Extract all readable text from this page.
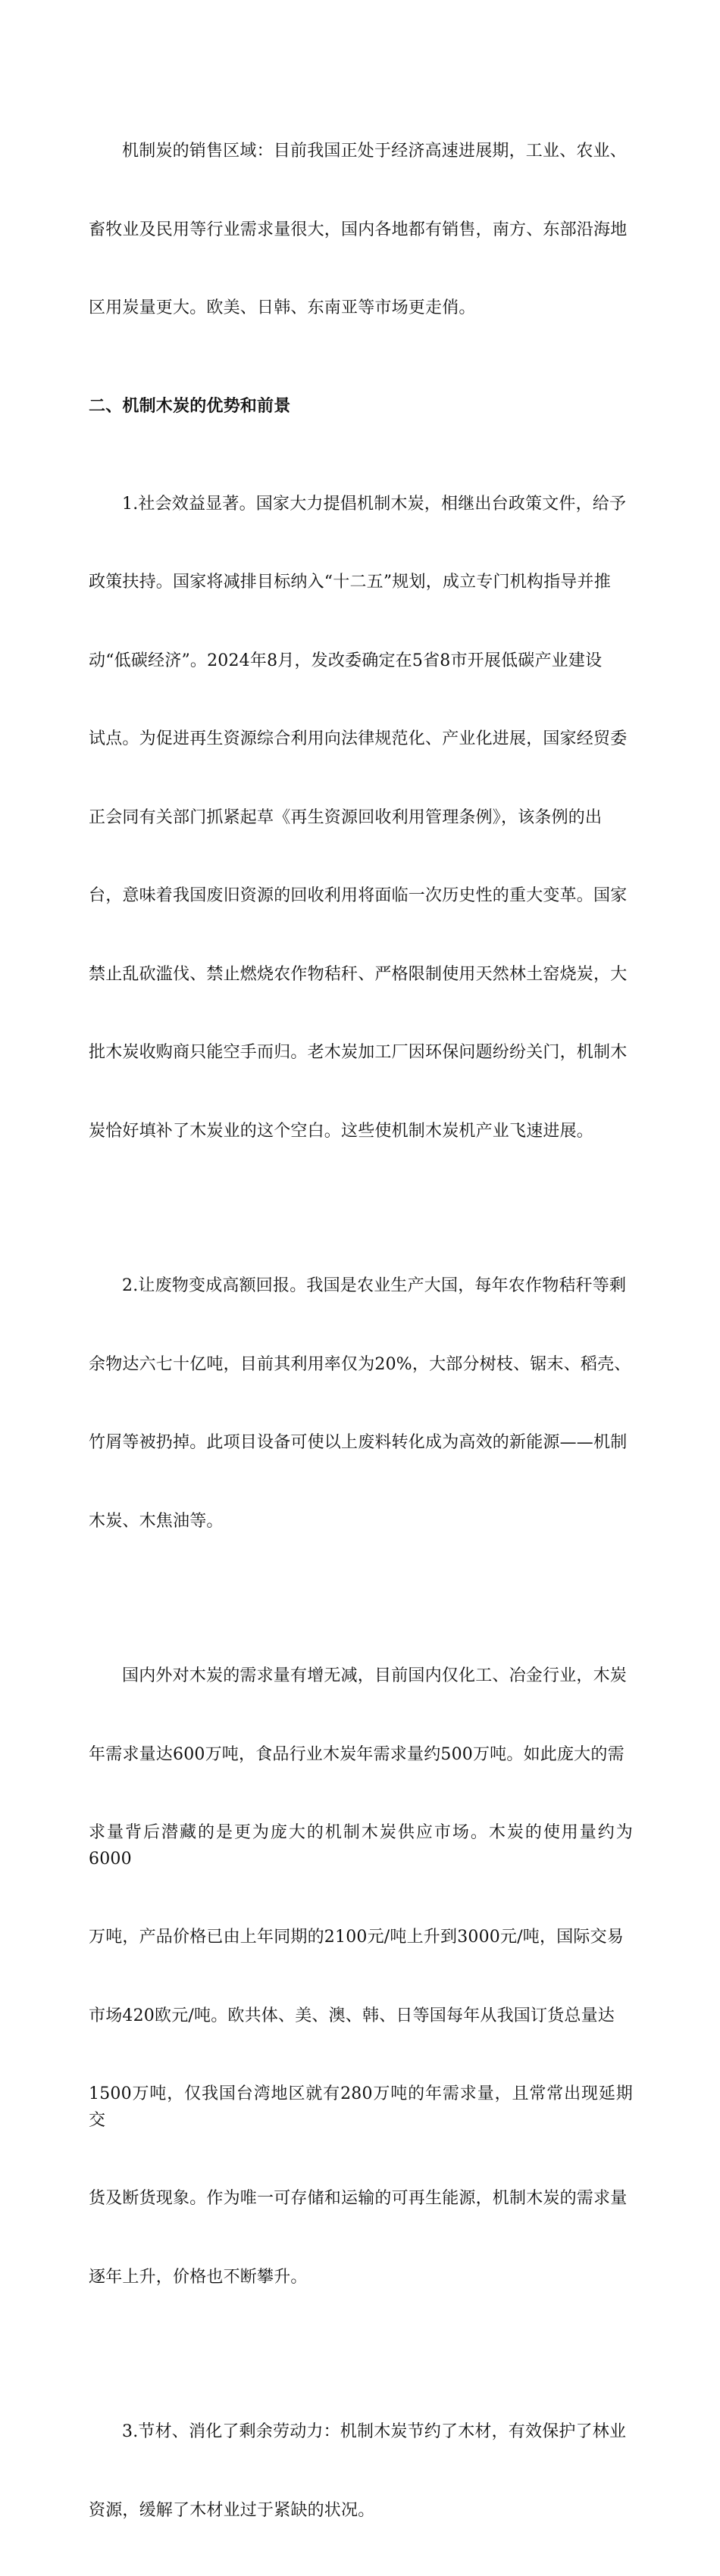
机制炭的销售区域：目前我国正处于经济高速进展期，工业、农业、

畜牧业及民用等行业需求量很大，国内各地都有销售，南方、东部沿海地

区用炭量更大。欧美、日韩、东南亚等市场更走俏。

二、机制木炭的优势和前景

1.社会效益显著。国家大力提倡机制木炭，相继出台政策文件，给予

政策扶持。国家将减排目标纳入“十二五”规划，成立专门机构指导并推

动“低碳经济”。2024年8月，发改委确定在5省8市开展低碳产业建设

试点。为促进再生资源综合利用向法律规范化、产业化进展，国家经贸委

正会同有关部门抓紧起草《再生资源回收利用管理条例》，该条例的出

台，意味着我国废旧资源的回收利用将面临一次历史性的重大变革。国家

禁止乱砍滥伐、禁止燃烧农作物秸秆、严格限制使用天然林土窑烧炭，大

批木炭收购商只能空手而归。老木炭加工厂因环保问题纷纷关门，机制木

炭恰好填补了木炭业的这个空白。这些使机制木炭机产业飞速进展。

2.让废物变成高额回报。我国是农业生产大国，每年农作物秸秆等剩

余物达六七十亿吨，目前其利用率仅为20%，大部分树枝、锯末、稻壳、

竹屑等被扔掉。此项目设备可使以上废料转化成为高效的新能源——机制

木炭、木焦油等。

国内外对木炭的需求量有增无减，目前国内仅化工、冶金行业，木炭

年需求量达600万吨，食品行业木炭年需求量约500万吨。如此庞大的需

求量背后潜藏的是更为庞大的机制木炭供应市场。木炭的使用量约为6000

万吨，产品价格已由上年同期的2100元/吨上升到3000元/吨，国际交易

市场420欧元/吨。欧共体、美、澳、韩、日等国每年从我国订货总量达

1500万吨，仅我国台湾地区就有280万吨的年需求量，且常常出现延期交

货及断货现象。作为唯一可存储和运输的可再生能源，机制木炭的需求量

逐年上升，价格也不断攀升。

3.节材、消化了剩余劳动力：机制木炭节约了木材，有效保护了林业

资源，缓解了木材业过于紧缺的状况。
